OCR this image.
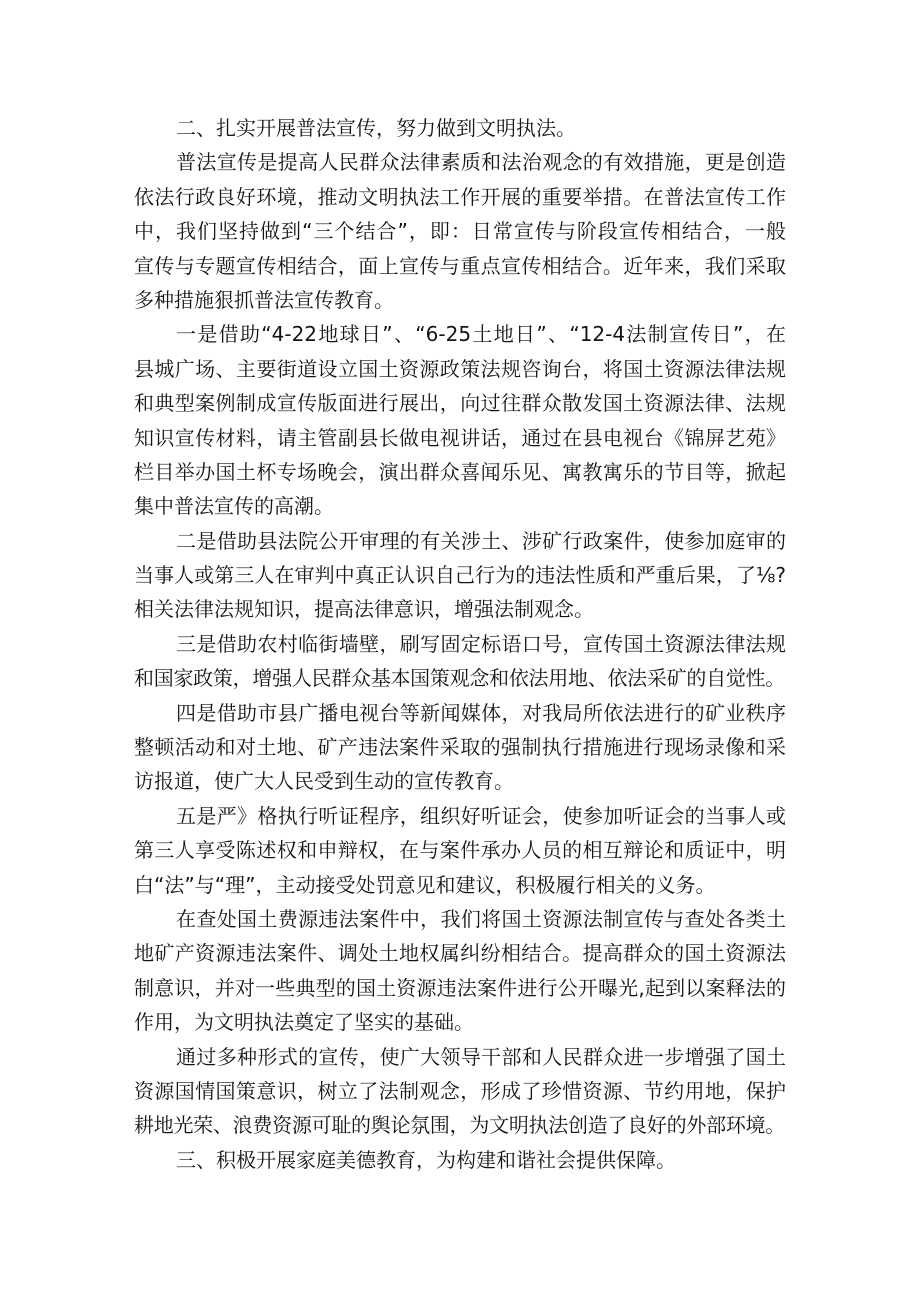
二、扎实开展普法宣传，努力做到文明执法。
普法宣传是提高人民群众法律素质和法治观念的有效措施，更是创造
依法行政良好环境，推动文明执法工作开展的重要举措。在普法宣传工作
中，我们坚持做到“三个结合”，即：日常宣传与阶段宣传相结合，一般
宣传与专题宣传相结合，面上宣传与重点宣传相结合。近年来，我们采取
多种措施狠抓普法宣传教育。
一是借助“4-22地球日”、“6-25土地日”、“12-4法制宣传日”，在
县城广场、主要街道设立国土资源政策法规咨询台，将国土资源法律法规
和典型案例制成宣传版面进行展出，向过往群众散发国土资源法律、法规
知识宣传材料，请主管副县长做电视讲话，通过在县电视台《锦屏艺苑》
栏目举办国土杯专场晚会，演出群众喜闻乐见、寓教寓乐的节目等，掀起
集中普法宣传的高潮。
二是借助县法院公开审理的有关涉土、涉矿行政案件，使参加庭审的
当事人或第三人在审判中真正认识自己行为的违法性质和严重后果，了⅛?
相关法律法规知识，提高法律意识，增强法制观念。
三是借助农村临街墙壁，刷写固定标语口号，宣传国土资源法律法规
和国家政策，增强人民群众基本国策观念和依法用地、依法采矿的自觉性。
四是借助市县广播电视台等新闻媒体，对我局所依法进行的矿业秩序
整顿活动和对土地、矿产违法案件采取的强制执行措施进行现场录像和采
访报道，使广大人民受到生动的宣传教育。
五是严》格执行听证程序，组织好听证会，使参加听证会的当事人或
第三人享受陈述权和申辩权，在与案件承办人员的相互辩论和质证中，明
白“法”与“理”，主动接受处罚意见和建议，积极履行相关的义务。
在查处国土费源违法案件中，我们将国土资源法制宣传与查处各类土
地矿产资源违法案件、调处土地权属纠纷相结合。提高群众的国土资源法
制意识，并对一些典型的国土资源违法案件进行公开曝光,起到以案释法的
作用，为文明执法奠定了坚实的基础。
通过多种形式的宣传，使广大领导干部和人民群众进一步增强了国土
资源国情国策意识，树立了法制观念，形成了珍惜资源、节约用地，保护
耕地光荣、浪费资源可耻的舆论氛围，为文明执法创造了良好的外部环境。
三、积极开展家庭美德教育，为构建和谐社会提供保障。
